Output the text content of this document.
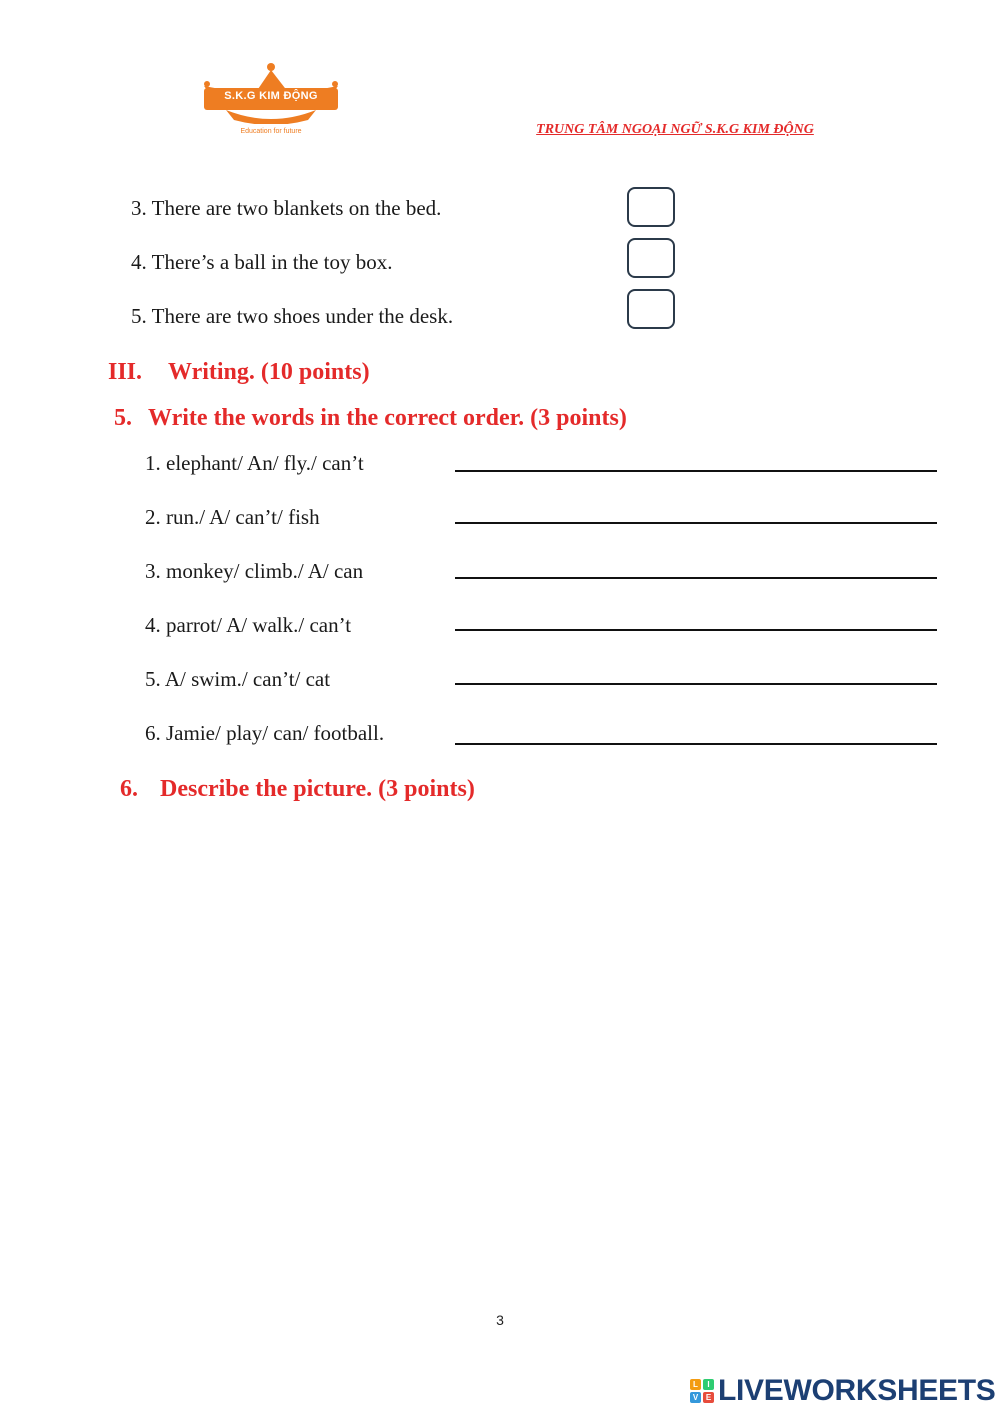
S.K.G KIM ĐỘNG
Education for future	TRUNG TÂM NGOẠI NGỮ S.K.G KIM ĐỘNG
3. There are two blankets on the bed.
4. There’s a ball in the toy box.
5. There are two shoes under the desk.
III. Writing. (10 points)
5. Write the words in the correct order. (3 points)
1. elephant/ An/ fly./ can’t
2. run./ A/ can’t/ fish
3. monkey/ climb./ A/ can
4. parrot/ A/ walk./ can’t
5. A/ swim./ can’t/ cat
6. Jamie/ play/ can/ football.
6. Describe the picture. (3 points)
3
L	I
V E LIVEWORKSHEETS
